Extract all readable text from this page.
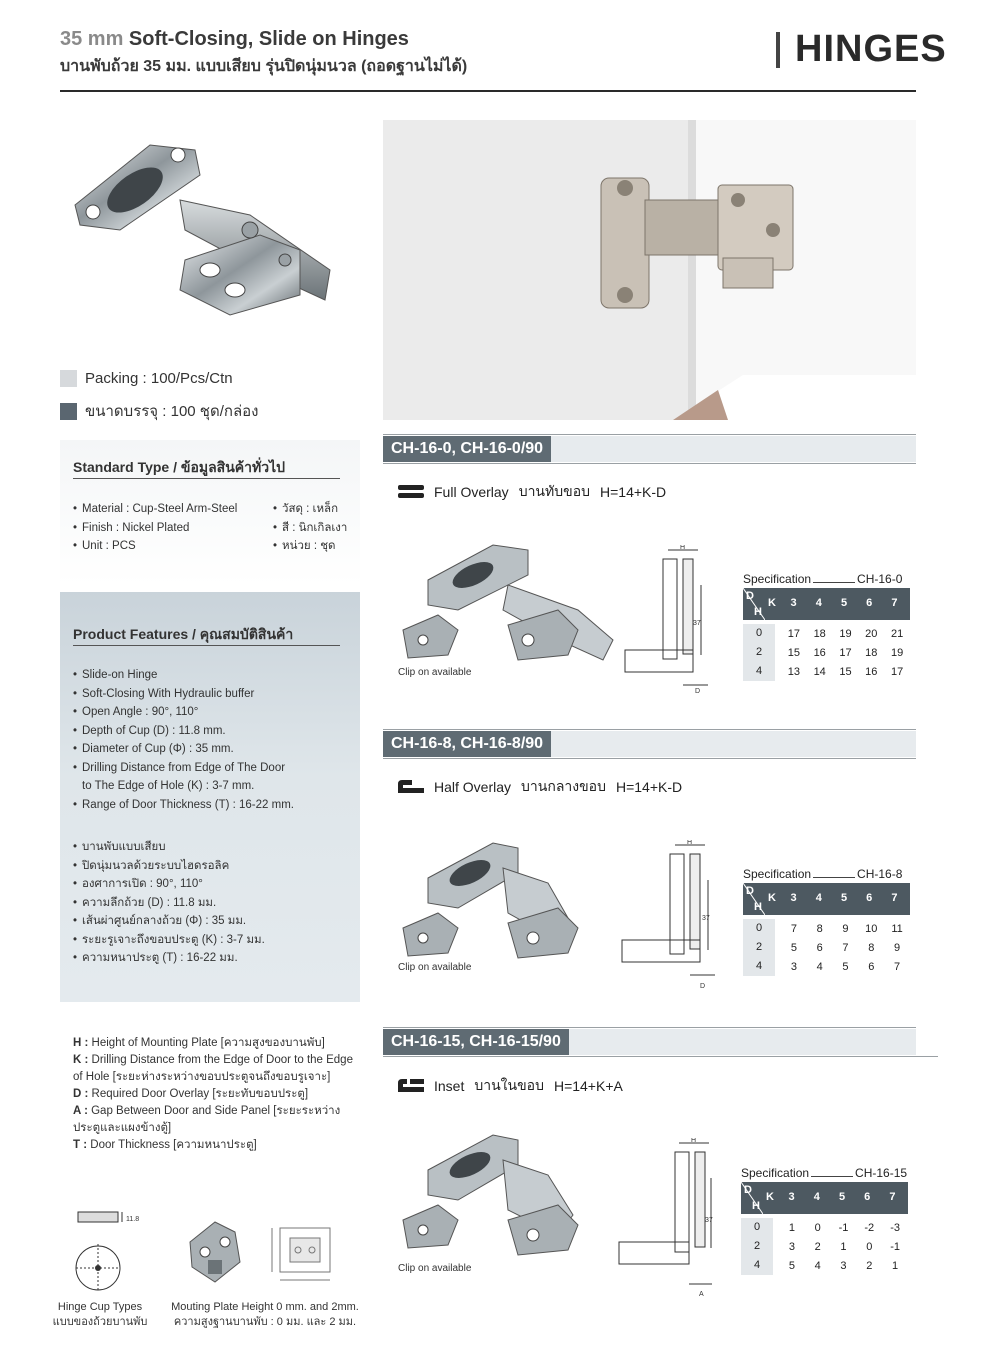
35 mm Soft-Closing, Slide on Hinges
บานพับถ้วย 35 มม. แบบเสียบ รุ่นปิดนุ่มนวล (ถอดฐานไม่ได้)	HINGES
Packing : 100/Pcs/Ctn
ขนาดบรรจุ : 100 ชุด/กล่อง
Standard Type / ข้อมูลสินค้าทั่วไป
• Material : Cup-Steel Arm-Steel
• Finish : Nickel Plated
• Unit : PCS
• วัสดุ : เหล็ก
• สี : นิกเกิลเงา
• หน่วย : ชุด
Product Features / คุณสมบัติสินค้า
• Slide-on Hinge
• Soft-Closing With Hydraulic buffer
• Open Angle : 90°, 110°
• Depth of Cup (D) : 11.8 mm.
• Diameter of Cup (Φ) : 35 mm.
• Drilling Distance from Edge of The Door
to The Edge of Hole (K) : 3-7 mm.
• Range of Door Thickness (T) : 16-22 mm.
• บานพับแบบเสียบ
• ปิดนุ่มนวลด้วยระบบไฮดรอลิค
• องศาการเปิด : 90°, 110°
• ความลึกถ้วย (D) : 11.8 มม.
• เส้นผ่าศูนย์กลางถ้วย (Φ) : 35 มม.
• ระยะรูเจาะถึงขอบประตู (K) : 3-7 มม.
• ความหนาประตู (T) : 16-22 มม.
H : Height of Mounting Plate [ความสูงของบานพับ]
K : Drilling Distance from the Edge of Door to the Edge of Hole [ระยะห่างระหว่างขอบประตูจนถึงขอบรูเจาะ]
D : Required Door Overlay [ระยะทับขอบประตู]
A : Gap Between Door and Side Panel [ระยะระหว่างประตูและแผงข้างตู้]
T : Door Thickness [ความหนาประตู]
11.8
Hinge Cup Types
แบบของถ้วยบานพับ
Mouting Plate Height 0 mm. and 2mm.
ความสูงฐานบานพับ : 0 มม. และ 2 มม.
CH-16-0, CH-16-0/90
Full Overlay บานทับขอบ H=14+K-D
Clip on available
H
37
D
Specification	CH-16-0
D
K
H
3	4	5	6	7
0	17	18	19	20	21
2	15	16	17	18	19
4	13	14	15	16	17
CH-16-8, CH-16-8/90
Half Overlay บานกลางขอบ H=14+K-D
Clip on available
H
37
D
Specification	CH-16-8
D
K
H
3	4	5	6	7
0	7	8	9	10	11
2	5	6	7	8	9
4	3	4	5	6	7
CH-16-15, CH-16-15/90
Inset บานในขอบ H=14+K+A
Clip on available
H
37
A
Specification	CH-16-15
D
K
H
3	4	5	6	7
0	1	0	-1	-2	-3
2	3	2	1	0	-1
4	5	4	3	2	1
